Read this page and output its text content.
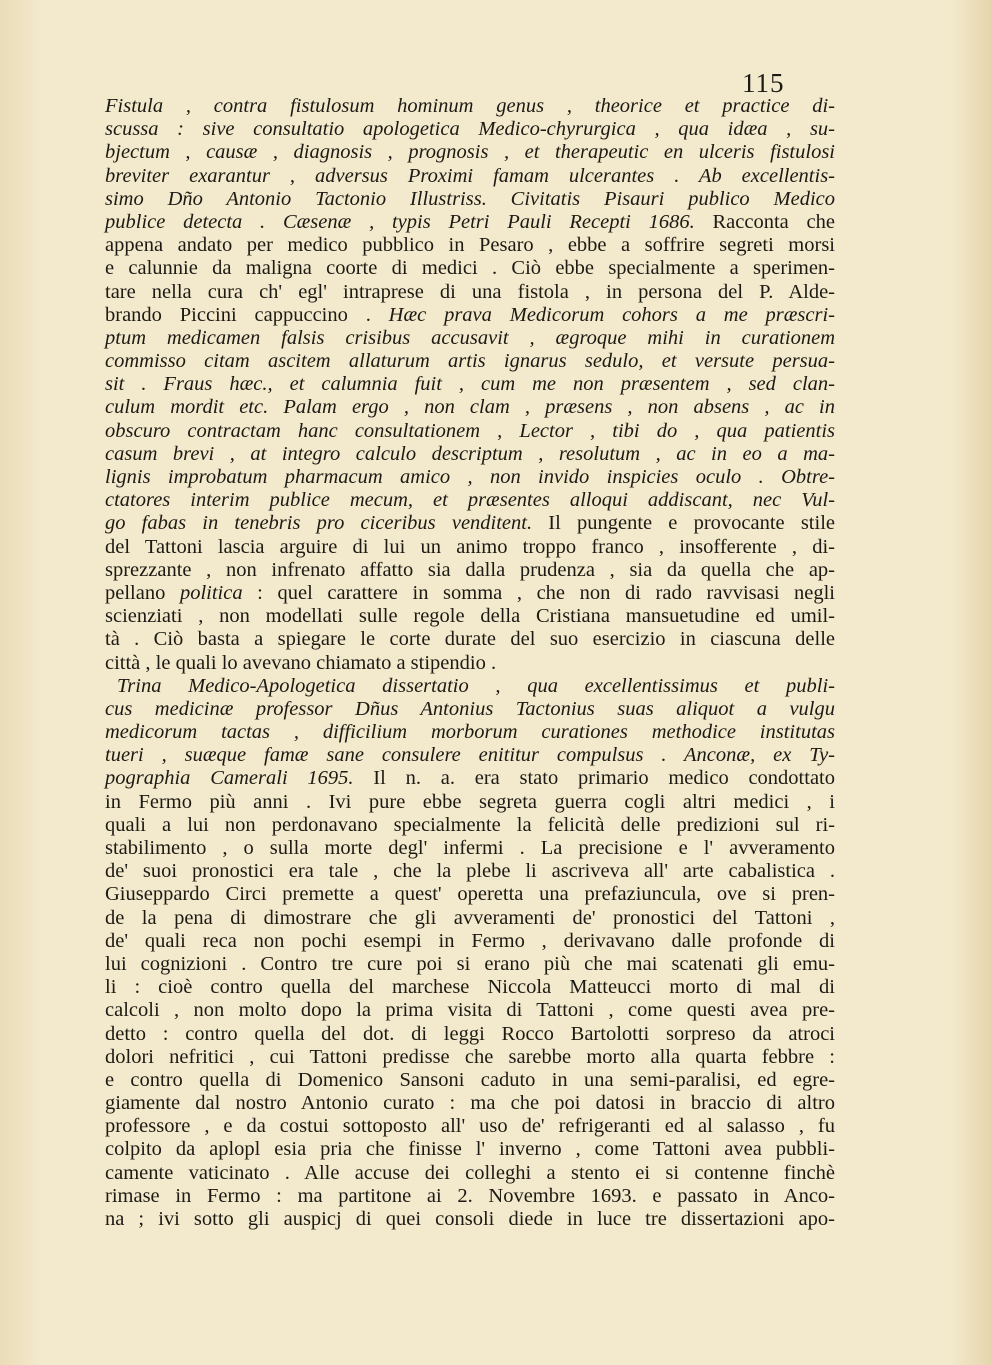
115
Fistula , contra fistulosum hominum genus , theorice et practice di-
scussa : sive consultatio apologetica Medico-chyrurgica , qua idæa , su-
bjectum , causæ , diagnosis , prognosis , et therapeutic en ulceris fistulosi
breviter exarantur , adversus Proximi famam ulcerantes . Ab excellentis-
simo Dño Antonio Tactonio Illustriss. Civitatis Pisauri publico Medico
publice detecta . Cæsenæ , typis Petri Pauli Recepti 1686. Racconta che
appena andato per medico pubblico in Pesaro , ebbe a soffrire segreti morsi
e calunnie da maligna coorte di medici . Ciò ebbe specialmente a sperimen-
tare nella cura ch' egl' intraprese di una fistola , in persona del P. Alde-
brando Piccini cappuccino . Hæc prava Medicorum cohors a me præscri-
ptum medicamen falsis crisibus accusavit , ægroque mihi in curationem
commisso citam ascitem allaturum artis ignarus sedulo, et versute persua-
sit . Fraus hæc., et calumnia fuit , cum me non præsentem , sed clan-
culum mordit etc. Palam ergo , non clam , præsens , non absens , ac in
obscuro contractam hanc consultationem , Lector , tibi do , qua patientis
casum brevi , at integro calculo descriptum , resolutum , ac in eo a ma-
lignis improbatum pharmacum amico , non invido inspicies oculo . Obtre-
ctatores interim publice mecum, et præsentes alloqui addiscant, nec Vul-
go fabas in tenebris pro ciceribus venditent. Il pungente e provocante stile
del Tattoni lascia arguire di lui un animo troppo franco , insofferente , di-
sprezzante , non infrenato affatto sia dalla prudenza , sia da quella che ap-
pellano politica : quel carattere in somma , che non di rado ravvisasi negli
scienziati , non modellati sulle regole della Cristiana mansuetudine ed umil-
tà . Ciò basta a spiegare le corte durate del suo esercizio in ciascuna delle
città , le quali lo avevano chiamato a stipendio .
Trina Medico-Apologetica dissertatio , qua excellentissimus et publi-
cus medicinæ professor Dñus Antonius Tactonius suas aliquot a vulgu
medicorum tactas , difficilium morborum curationes methodice institutas
tueri , suæque famæ sane consulere enititur compulsus . Anconæ, ex Ty-
pographia Camerali 1695. Il n. a. era stato primario medico condottato
in Fermo più anni . Ivi pure ebbe segreta guerra cogli altri medici , i
quali a lui non perdonavano specialmente la felicità delle predizioni sul ri-
stabilimento , o sulla morte degl' infermi . La precisione e l' avveramento
de' suoi pronostici era tale , che la plebe li ascriveva all' arte cabalistica .
Giuseppardo Circi premette a quest' operetta una prefaziuncula, ove si pren-
de la pena di dimostrare che gli avveramenti de' pronostici del Tattoni ,
de' quali reca non pochi esempi in Fermo , derivavano dalle profonde di
lui cognizioni . Contro tre cure poi si erano più che mai scatenati gli emu-
li : cioè contro quella del marchese Niccola Matteucci morto di mal di
calcoli , non molto dopo la prima visita di Tattoni , come questi avea pre-
detto : contro quella del dot. di leggi Rocco Bartolotti sorpreso da atroci
dolori nefritici , cui Tattoni predisse che sarebbe morto alla quarta febbre :
e contro quella di Domenico Sansoni caduto in una semi-paralisi, ed egre-
giamente dal nostro Antonio curato : ma che poi datosi in braccio di altro
professore , e da costui sottoposto all' uso de' refrigeranti ed al salasso , fu
colpito da aplopl esia pria che finisse l' inverno , come Tattoni avea pubbli-
camente vaticinato . Alle accuse dei colleghi a stento ei si contenne finchè
rimase in Fermo : ma partitone ai 2. Novembre 1693. e passato in Anco-
na ; ivi sotto gli auspicj di quei consoli diede in luce tre dissertazioni apo-
